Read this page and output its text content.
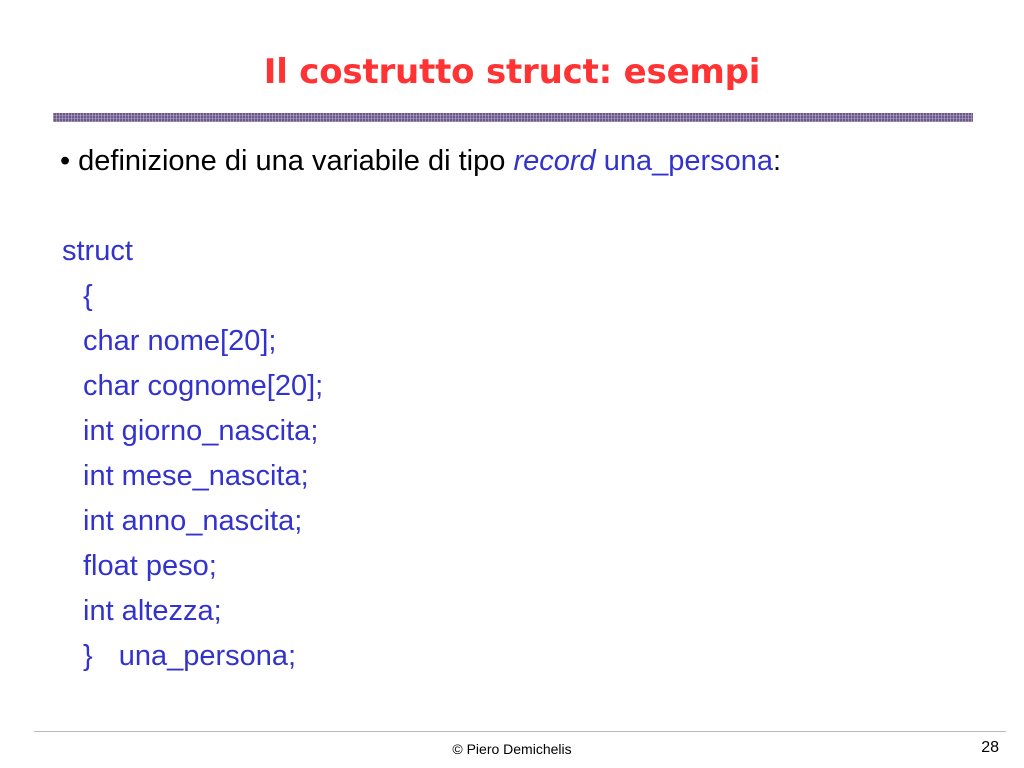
Il costrutto struct: esempi
• definizione di una variabile di tipo record una_persona:
struct
{
char nome[20];
char cognome[20];
int giorno_nascita;
int mese_nascita;
int anno_nascita;
float peso;
int altezza;
} una_persona;
© Piero Demichelis	28
